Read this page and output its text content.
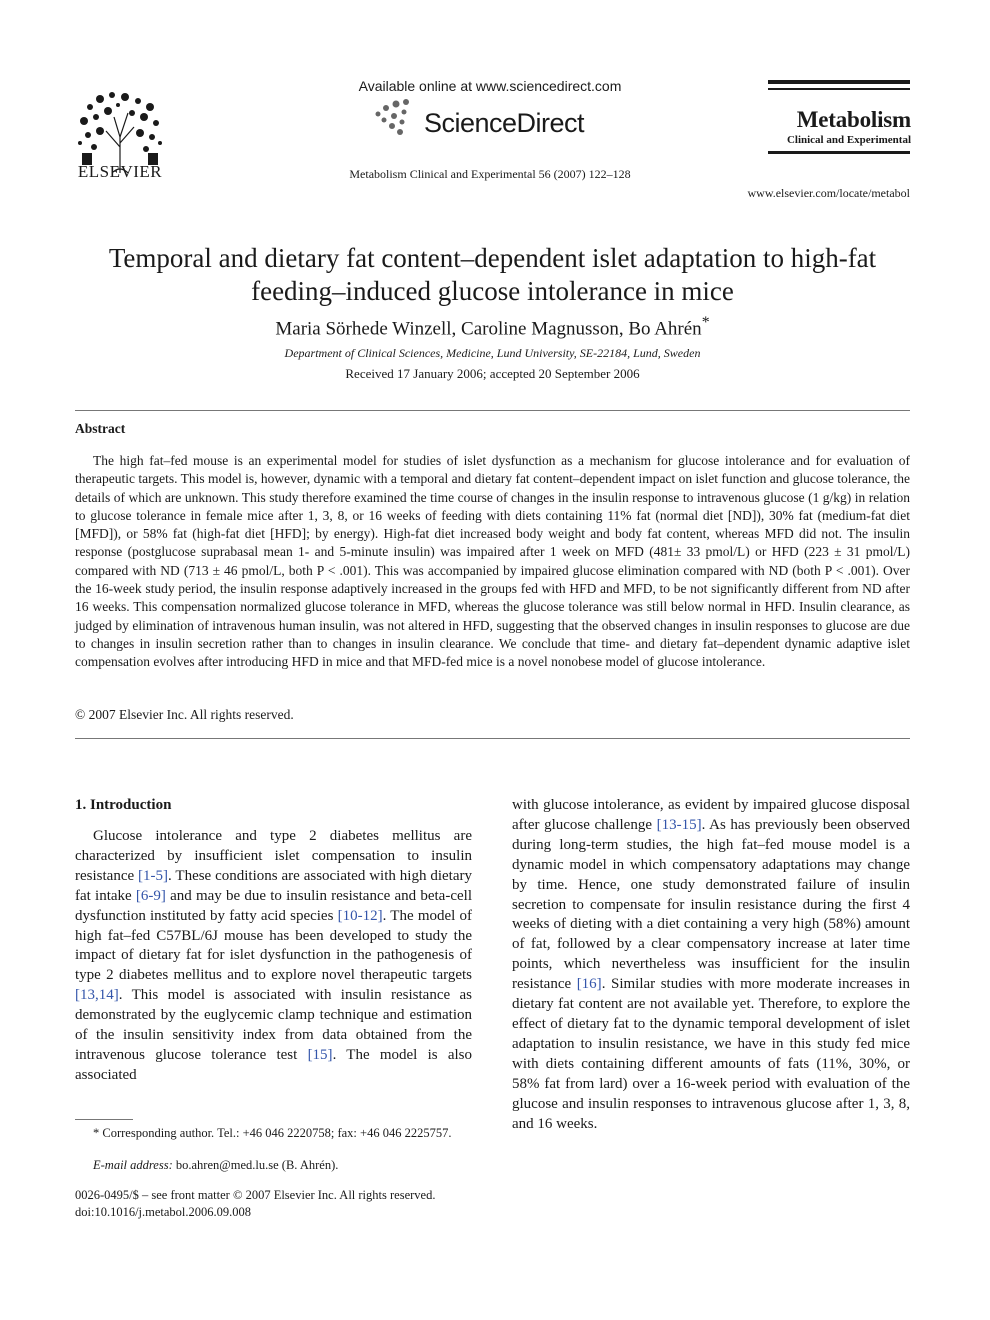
ELSEVIER
Available online at www.sciencedirect.com
ScienceDirect
Metabolism Clinical and Experimental 56 (2007) 122–128
Metabolism
Clinical and Experimental
www.elsevier.com/locate/metabol
Temporal and dietary fat content–dependent islet adaptation to high-fat feeding–induced glucose intolerance in mice
Maria Sörhede Winzell, Caroline Magnusson, Bo Ahrén*
Department of Clinical Sciences, Medicine, Lund University, SE-22184, Lund, Sweden
Received 17 January 2006; accepted 20 September 2006
Abstract
The high fat–fed mouse is an experimental model for studies of islet dysfunction as a mechanism for glucose intolerance and for evaluation of therapeutic targets. This model is, however, dynamic with a temporal and dietary fat content–dependent impact on islet function and glucose tolerance, the details of which are unknown. This study therefore examined the time course of changes in the insulin response to intravenous glucose (1 g/kg) in relation to glucose tolerance in female mice after 1, 3, 8, or 16 weeks of feeding with diets containing 11% fat (normal diet [ND]), 30% fat (medium-fat diet [MFD]), or 58% fat (high-fat diet [HFD]; by energy). High-fat diet increased body weight and body fat content, whereas MFD did not. The insulin response (postglucose suprabasal mean 1- and 5-minute insulin) was impaired after 1 week on MFD (481± 33 pmol/L) or HFD (223 ± 31 pmol/L) compared with ND (713 ± 46 pmol/L, both P < .001). This was accompanied by impaired glucose elimination compared with ND (both P < .001). Over the 16-week study period, the insulin response adaptively increased in the groups fed with HFD and MFD, to be not significantly different from ND after 16 weeks. This compensation normalized glucose tolerance in MFD, whereas the glucose tolerance was still below normal in HFD. Insulin clearance, as judged by elimination of intravenous human insulin, was not altered in HFD, suggesting that the observed changes in insulin responses to glucose are due to changes in insulin secretion rather than to changes in insulin clearance. We conclude that time- and dietary fat–dependent dynamic adaptive islet compensation evolves after introducing HFD in mice and that MFD-fed mice is a novel nonobese model of glucose intolerance.
© 2007 Elsevier Inc. All rights reserved.
1. Introduction
Glucose intolerance and type 2 diabetes mellitus are characterized by insufficient islet compensation to insulin resistance [1-5]. These conditions are associated with high dietary fat intake [6-9] and may be due to insulin resistance and beta-cell dysfunction instituted by fatty acid species [10-12]. The model of high fat–fed C57BL/6J mouse has been developed to study the impact of dietary fat for islet dysfunction in the pathogenesis of type 2 diabetes mellitus and to explore novel therapeutic targets [13,14]. This model is associated with insulin resistance as demonstrated by the euglycemic clamp technique and estimation of the insulin sensitivity index from data obtained from the intravenous glucose tolerance test [15]. The model is also associated
with glucose intolerance, as evident by impaired glucose disposal after glucose challenge [13-15]. As has previously been observed during long-term studies, the high fat–fed mouse model is a dynamic model in which compensatory adaptations may change by time. Hence, one study demonstrated failure of insulin secretion to compensate for insulin resistance during the first 4 weeks of dieting with a diet containing a very high (58%) amount of fat, followed by a clear compensatory increase at later time points, which nevertheless was insufficient for the insulin resistance [16]. Similar studies with more moderate increases in dietary fat content are not available yet. Therefore, to explore the effect of dietary fat to the dynamic temporal development of islet adaptation to insulin resistance, we have in this study fed mice with diets containing different amounts of fats (11%, 30%, or 58% fat from lard) over a 16-week period with evaluation of the glucose and insulin responses to intravenous glucose after 1, 3, 8, and 16 weeks.
* Corresponding author. Tel.: +46 046 2220758; fax: +46 046 2225757.
E-mail address: bo.ahren@med.lu.se (B. Ahrén).
0026-0495/$ – see front matter © 2007 Elsevier Inc. All rights reserved.
doi:10.1016/j.metabol.2006.09.008
